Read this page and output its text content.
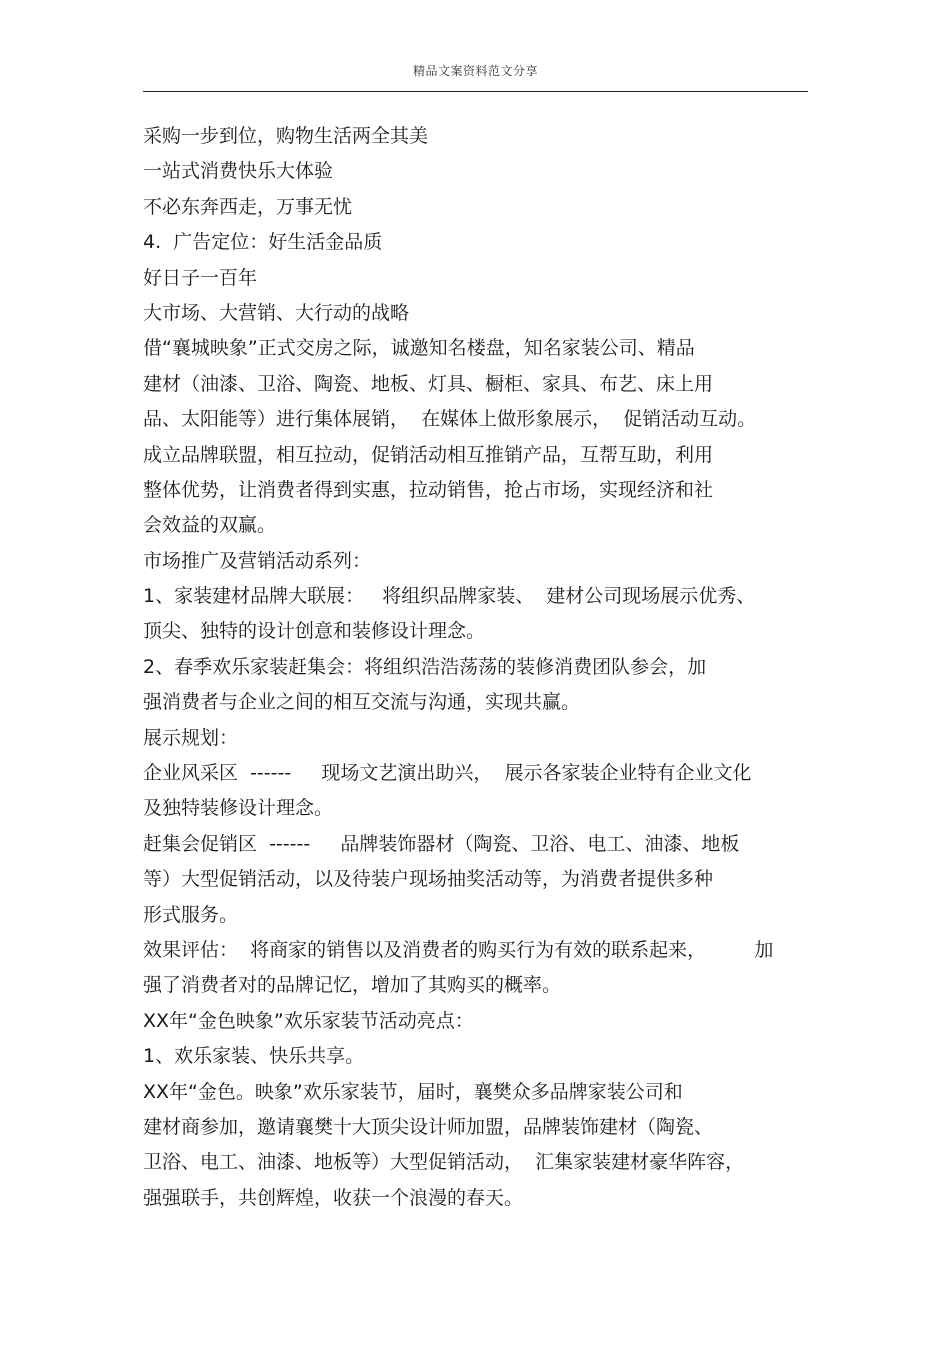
精品文案资料范文分享
采购一步到位，购物生活两全其美
一站式消费快乐大体验
不必东奔西走，万事无忧
4.  广告定位：好生活金品质
好日子一百年
大市场、大营销、大行动的战略
借“襄城映象”正式交房之际，诚邀知名楼盘，知名家装公司、精品
建材（油漆、卫浴、陶瓷、地板、灯具、橱柜、家具、布艺、床上用
品、太阳能等）进行集体展销，  在媒体上做形象展示，  促销活动互动。
成立品牌联盟，相互拉动，促销活动相互推销产品，互帮互助，利用
整体优势，让消费者得到实惠，拉动销售，抢占市场，实现经济和社
会效益的双赢。
市场推广及营销活动系列：
1、家装建材品牌大联展：   将组织品牌家装、  建材公司现场展示优秀、
顶尖、独特的设计创意和装修设计理念。
2、春季欢乐家装赶集会：将组织浩浩荡荡的装修消费团队参会，加
强消费者与企业之间的相互交流与沟通，实现共赢。
展示规划：
企业风采区  ------     现场文艺演出助兴，  展示各家装企业特有企业文化
及独特装修设计理念。
赶集会促销区  ------     品牌装饰器材（陶瓷、卫浴、电工、油漆、地板
等）大型促销活动，以及待装户现场抽奖活动等，为消费者提供多种
形式服务。
效果评估：  将商家的销售以及消费者的购买行为有效的联系起来，        加
强了消费者对的品牌记忆，增加了其购买的概率。
XX年“金色映象”欢乐家装节活动亮点：
1、欢乐家装、快乐共享。
XX年“金色。映象”欢乐家装节，届时，襄樊众多品牌家装公司和
建材商参加，邀请襄樊十大顶尖设计师加盟，品牌装饰建材（陶瓷、
卫浴、电工、油漆、地板等）大型促销活动，  汇集家装建材豪华阵容，
强强联手，共创辉煌，收获一个浪漫的春天。
